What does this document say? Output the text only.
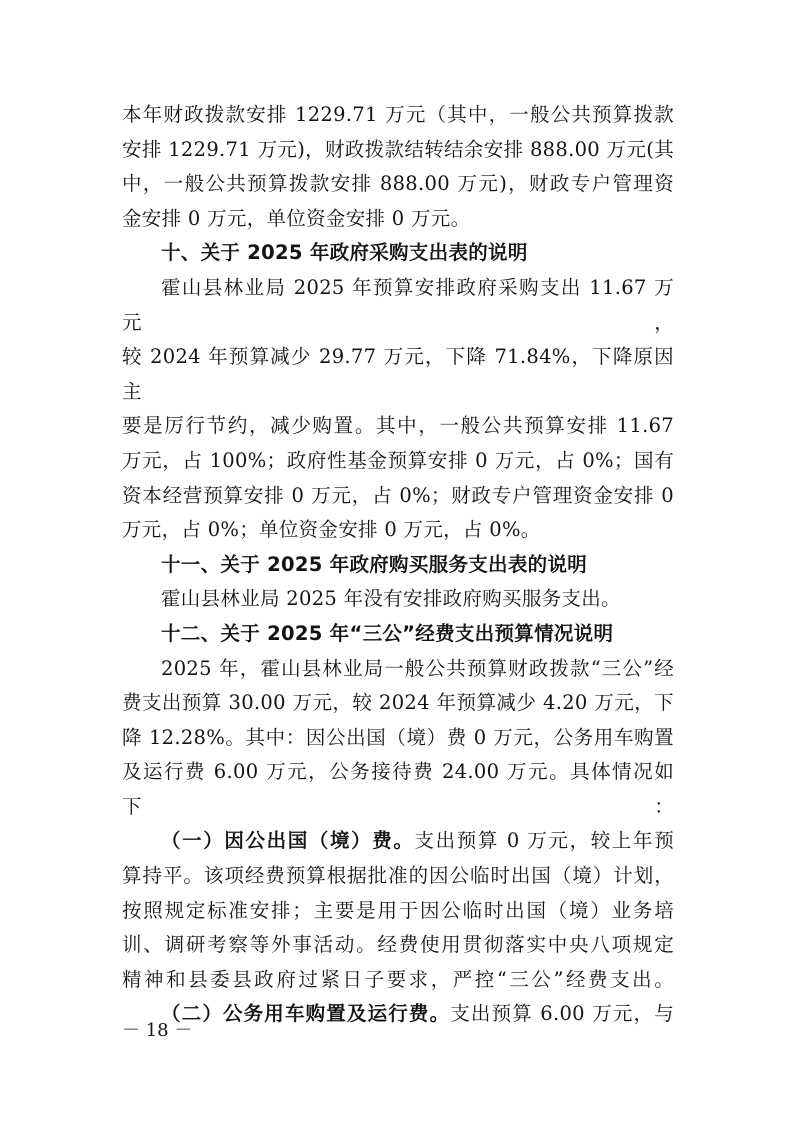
本年财政拨款安排 1229.71 万元（其中，一般公共预算拨款

安排 1229.71 万元)，财政拨款结转结余安排 888.00 万元(其

中，一般公共预算拨款安排 888.00 万元)，财政专户管理资

金安排 0 万元，单位资金安排 0 万元。

十、关于 2025 年政府采购支出表的说明

霍山县林业局 2025 年预算安排政府采购支出 11.67 万元，

较 2024 年预算减少 29.77 万元，下降 71.84%，下降原因主

要是厉行节约，减少购置。其中，一般公共预算安排 11.67

万元，占 100%；政府性基金预算安排 0 万元，占 0%；国有

资本经营预算安排 0 万元，占 0%；财政专户管理资金安排 0

万元，占 0%；单位资金安排 0 万元，占 0%。

十一、关于 2025 年政府购买服务支出表的说明

霍山县林业局 2025 年没有安排政府购买服务支出。

十二、关于 2025 年“三公”经费支出预算情况说明

2025 年，霍山县林业局一般公共预算财政拨款“三公”经

费支出预算 30.00 万元，较 2024 年预算减少 4.20 万元，下

降 12.28%。其中：因公出国（境）费 0 万元，公务用车购置

及运行费 6.00 万元，公务接待费 24.00 万元。具体情况如下：

（一）因公出国（境）费。支出预算 0 万元，较上年预

算持平。该项经费预算根据批准的因公临时出国（境）计划，

按照规定标准安排；主要是用于因公临时出国（境）业务培

训、调研考察等外事活动。经费使用贯彻落实中央八项规定

精神和县委县政府过紧日子要求，严控“三公”经费支出。

（二）公务用车购置及运行费。支出预算 6.00 万元，与

－ 18 －
